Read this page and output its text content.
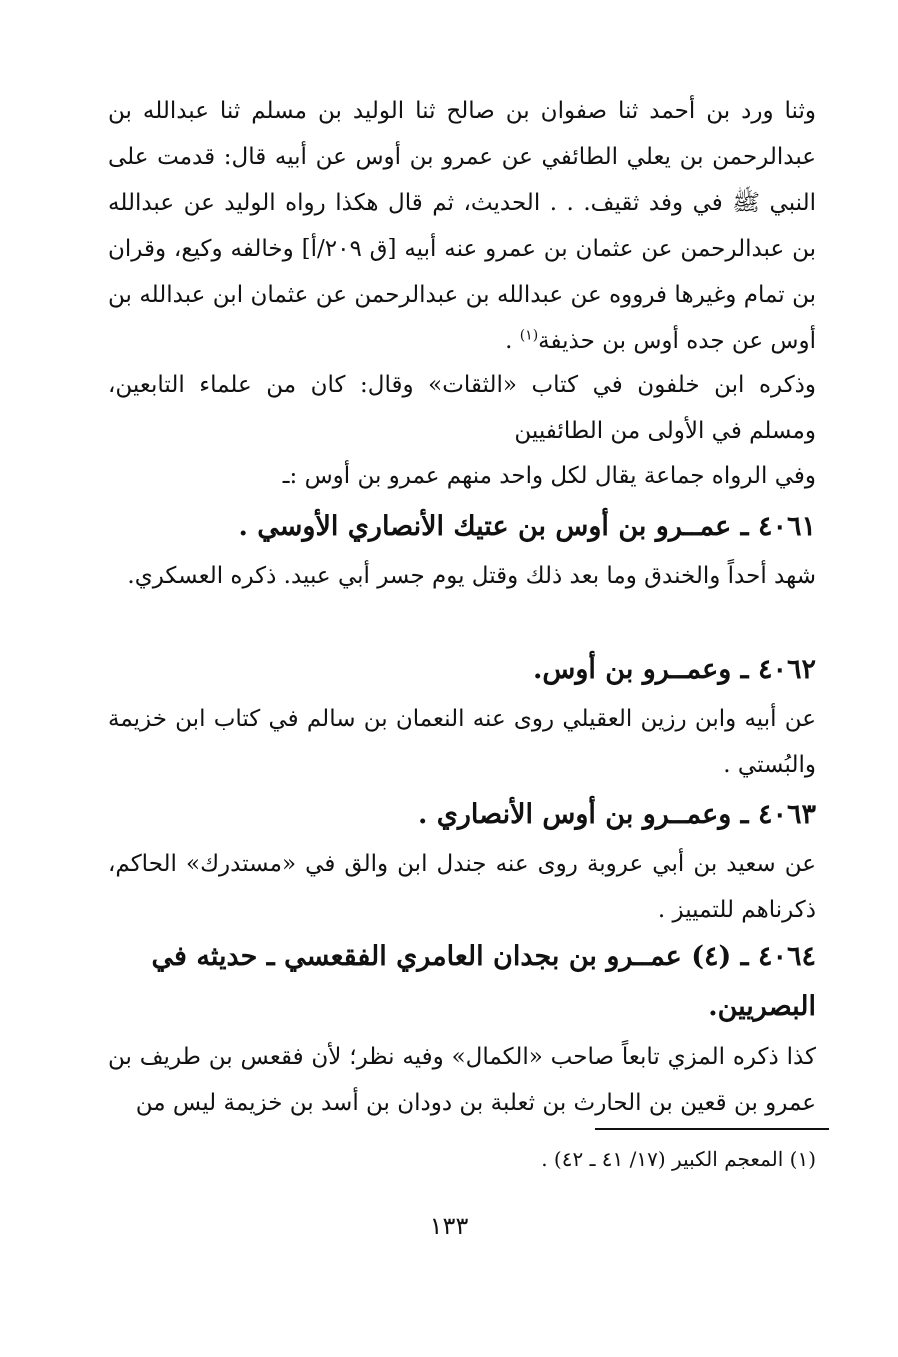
وثنا ورد بن أحمد ثنا صفوان بن صالح ثنا الوليد بن مسلم ثنا عبدالله بن عبدالرحمن بن يعلي الطائفي عن عمرو بن أوس عن أبيه قال: قدمت على النبي ﷺ في وفد ثقيف. . . الحديث، ثم قال هكذا رواه الوليد عن عبدالله بن عبدالرحمن عن عثمان بن عمرو عنه أبيه [ق ٢٠٩/أ] وخالفه وكيع، وقران بن تمام وغيرها فرووه عن عبدالله بن عبدالرحمن عن عثمان ابن عبدالله بن أوس عن جده أوس بن حذيفة$^{(١)}$ .

وذكره ابن خلفون في كتاب «الثقات» وقال: كان من علماء التابعين، ومسلم في الأولى من الطائفيين

وفي الرواه جماعة يقال لكل واحد منهم عمرو بن أوس :ـ

٤٠٦١ ـ عمــرو بن أوس بن عتيك الأنصاري الأوسي .
شهد أحداً والخندق وما بعد ذلك وقتل يوم جسر أبي عبيد. ذكره العسكري.
٤٠٦٢ ـ وعمــرو بن أوس.
عن أبيه وابن رزين العقيلي روى عنه النعمان بن سالم في كتاب ابن خزيمة والبُستي .
٤٠٦٣ ـ وعمــرو بن أوس الأنصاري .
عن سعيد بن أبي عروبة روى عنه جندل ابن والق في «مستدرك» الحاكم، ذكرناهم للتمييز .
٤٠٦٤ ـ (٤) عمــرو بن بجدان العامري الفقعسي ـ حديثه في البصريين.
كذا ذكره المزي تابعاً صاحب «الكمال» وفيه نظر؛ لأن فقعس بن طريف بن عمرو بن قعين بن الحارث بن ثعلبة بن دودان بن أسد بن خزيمة ليس من
(١) المعجم الكبير (١٧/ ٤١ ـ ٤٢) .
١٣٣
